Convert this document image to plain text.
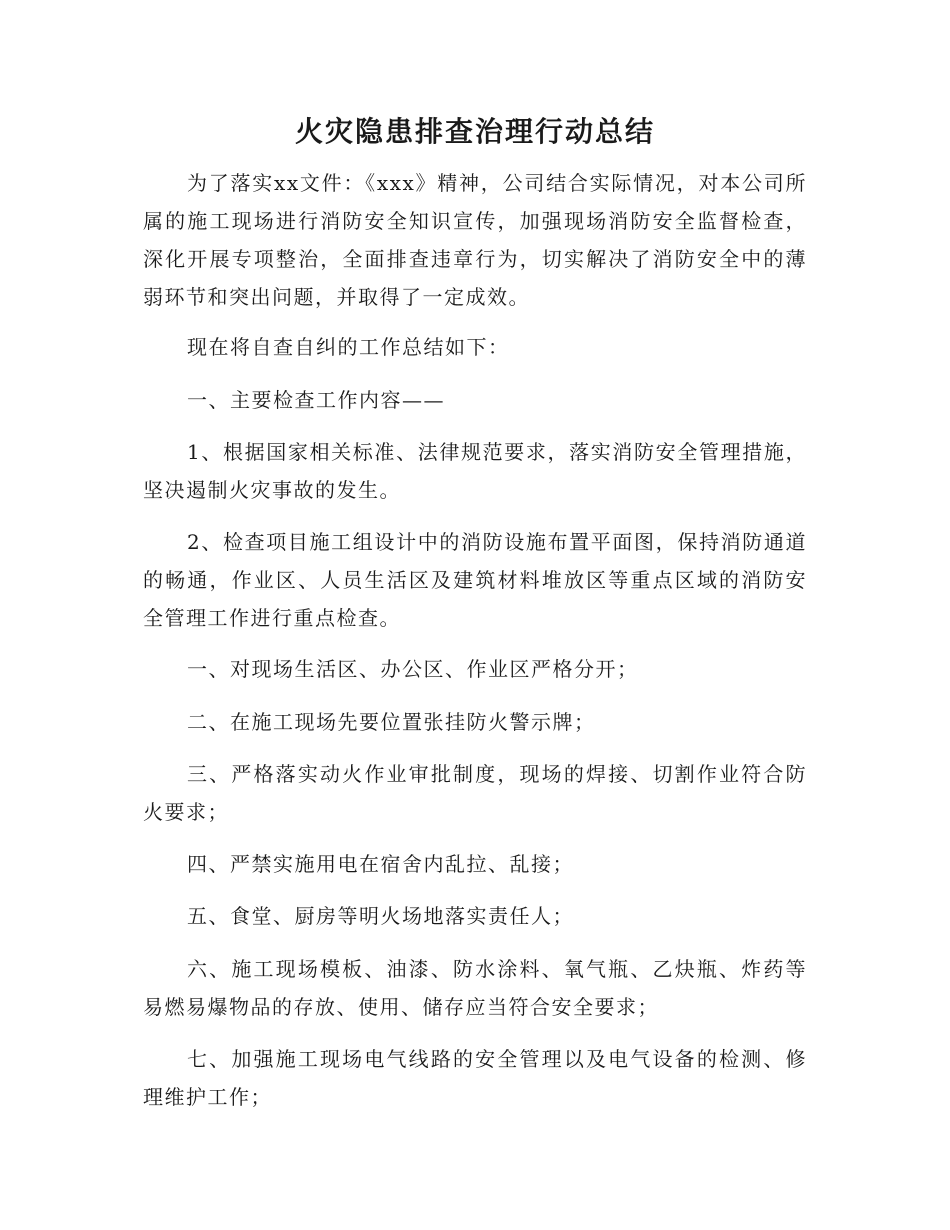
火灾隐患排查治理行动总结
为了落实xx文件：《xxx》精神，公司结合实际情况，对本公司所属的施工现场进行消防安全知识宣传，加强现场消防安全监督检查，深化开展专项整治，全面排查违章行为，切实解决了消防安全中的薄弱环节和突出问题，并取得了一定成效。
现在将自查自纠的工作总结如下：
一、主要检查工作内容——
1、根据国家相关标准、法律规范要求，落实消防安全管理措施，坚决遏制火灾事故的发生。
2、检查项目施工组设计中的消防设施布置平面图，保持消防通道的畅通，作业区、人员生活区及建筑材料堆放区等重点区域的消防安全管理工作进行重点检查。
一、对现场生活区、办公区、作业区严格分开；
二、在施工现场先要位置张挂防火警示牌；
三、严格落实动火作业审批制度，现场的焊接、切割作业符合防火要求；
四、严禁实施用电在宿舍内乱拉、乱接；
五、食堂、厨房等明火场地落实责任人；
六、施工现场模板、油漆、防水涂料、氧气瓶、乙炔瓶、炸药等易燃易爆物品的存放、使用、储存应当符合安全要求；
七、加强施工现场电气线路的安全管理以及电气设备的检测、修理维护工作；
